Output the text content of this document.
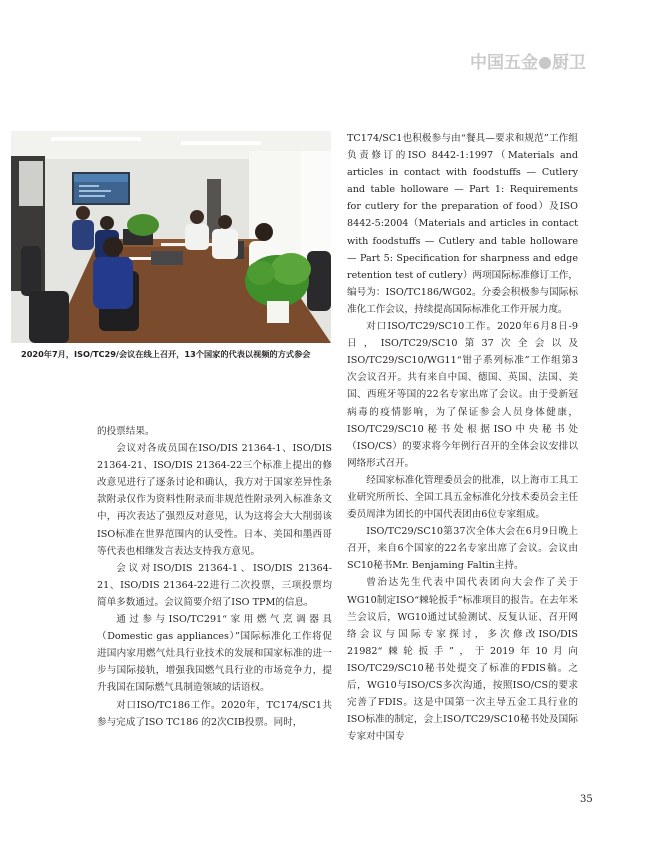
中国五金 厨卫
2020年7月，ISO/TC29/会议在线上召开，13个国家的代表以视频的方式参会

的投票结果。

会议对各成员国在ISO/DIS 21364-1、ISO/DIS 21364-21、ISO/DIS 21364-22三个标准上提出的修改意见进行了逐条讨论和确认，我方对于国家差异性条款附录仅作为资料性附录而非规范性附录列入标准条文中，再次表达了强烈反对意见，认为这将会大大削弱该ISO标准在世界范围内的认受性。日本、美国和墨西哥等代表也相继发言表达支持我方意见。

会议对ISO/DIS 21364-1、ISO/DIS 21364-21、ISO/DIS 21364-22进行二次投票，三项投票均简单多数通过。会议简要介绍了ISO TPM的信息。

通过参与ISO/TC291“家用燃气烹调器具（Domestic gas appliances）”国际标准化工作将促进国内家用燃气灶具行业技术的发展和国家标准的进一步与国际接轨，增强我国燃气具行业的市场竞争力，提升我国在国际燃气具制造领域的话语权。

对口ISO/TC186工作。2020年，TC174/SC1共参与完成了ISO TC186 的2次CIB投票。同时，

TC174/SC1也积极参与由“餐具—要求和规范”工作组负责修订的ISO 8442-1:1997（Materials and articles in contact with foodstuffs — Cutlery and table holloware — Part 1: Requirements for cutlery for the preparation of food）及ISO 8442-5:2004（Materials and articles in contact with foodstuffs — Cutlery and table holloware — Part 5: Specification for sharpness and edge retention test of cutlery）两项国际标准修订工作，编号为：ISO/TC186/WG02。分委会积极参与国际标准化工作会议，持续提高国际标准化工作开展力度。

对口ISO/TC29/SC10工作。2020年6月8日-9日，ISO/TC29/SC10第37次全会以及ISO/TC29/SC10/WG11“钳子系列标准”工作组第3次会议召开。共有来自中国、德国、英国、法国、美国、西班牙等国的22名专家出席了会议。由于受新冠病毒的疫情影响，为了保证参会人员身体健康，ISO/TC29/SC10秘书处根据ISO中央秘书处（ISO/CS）的要求将今年例行召开的全体会议安排以网络形式召开。

经国家标准化管理委员会的批准，以上海市工具工业研究所所长、全国工具五金标准化分技术委员会主任委员周津为团长的中国代表团由6位专家组成。

ISO/TC29/SC10第37次全体大会在6月9日晚上召开，来自6个国家的22名专家出席了会议。会议由SC10秘书Mr. Benjaming Faltin主持。

曾治达先生代表中国代表团向大会作了关于WG10制定ISO“棘轮扳手”标准项目的报告。在去年米兰会议后，WG10通过试验测试、反复认证、召开网络会议与国际专家探讨，多次修改ISO/DIS 21982“棘轮扳手”，于2019年10月向ISO/TC29/SC10秘书处提交了标准的FDIS稿。之后，WG10与ISO/CS多次沟通，按照ISO/CS的要求完善了FDIS。这是中国第一次主导五金工具行业的ISO标准的制定，会上ISO/TC29/SC10秘书处及国际专家对中国专

35
